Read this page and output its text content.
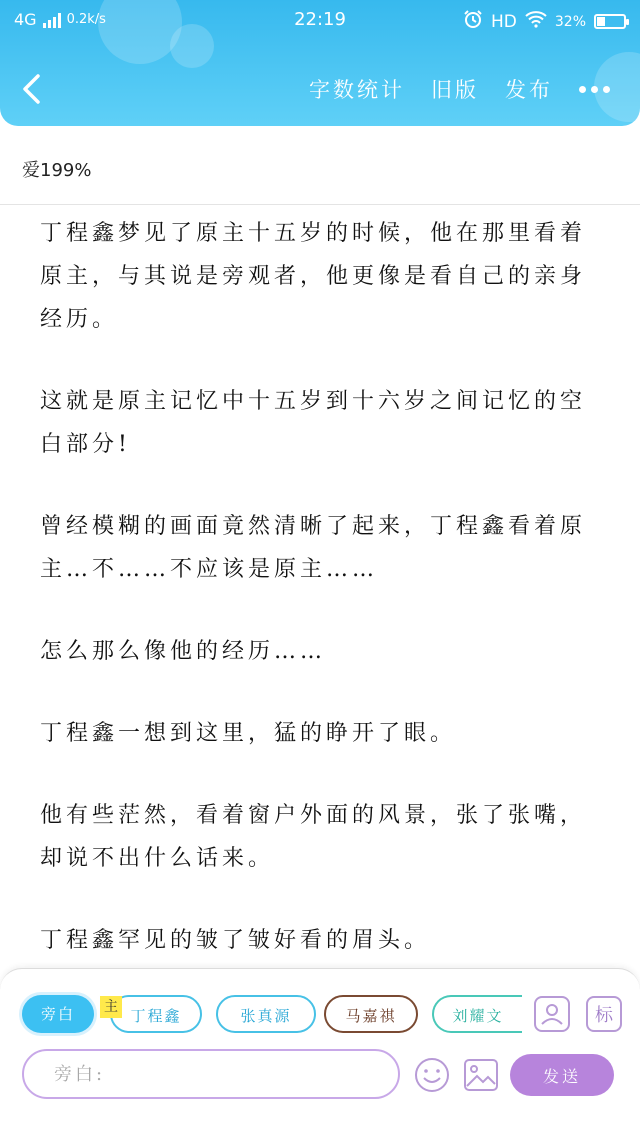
4G 0.2k/s	22:19	HD	32%
字数统计 旧版 发布
爱199%

丁程鑫梦见了原主十五岁的时候，他在那里看着原主，与其说是旁观者，他更像是看自己的亲身经历。

这就是原主记忆中十五岁到十六岁之间记忆的空白部分!

曾经模糊的画面竟然清晰了起来，丁程鑫看着原主…不……不应该是原主……

怎么那么像他的经历……

丁程鑫一想到这里，猛的睁开了眼。

他有些茫然，看着窗户外面的风景，张了张嘴，却说不出什么话来。

丁程鑫罕见的皱了皱好看的眉头。

旁白	丁程鑫	张真源	马嘉祺	刘耀文
旁白:
发送
主	标
